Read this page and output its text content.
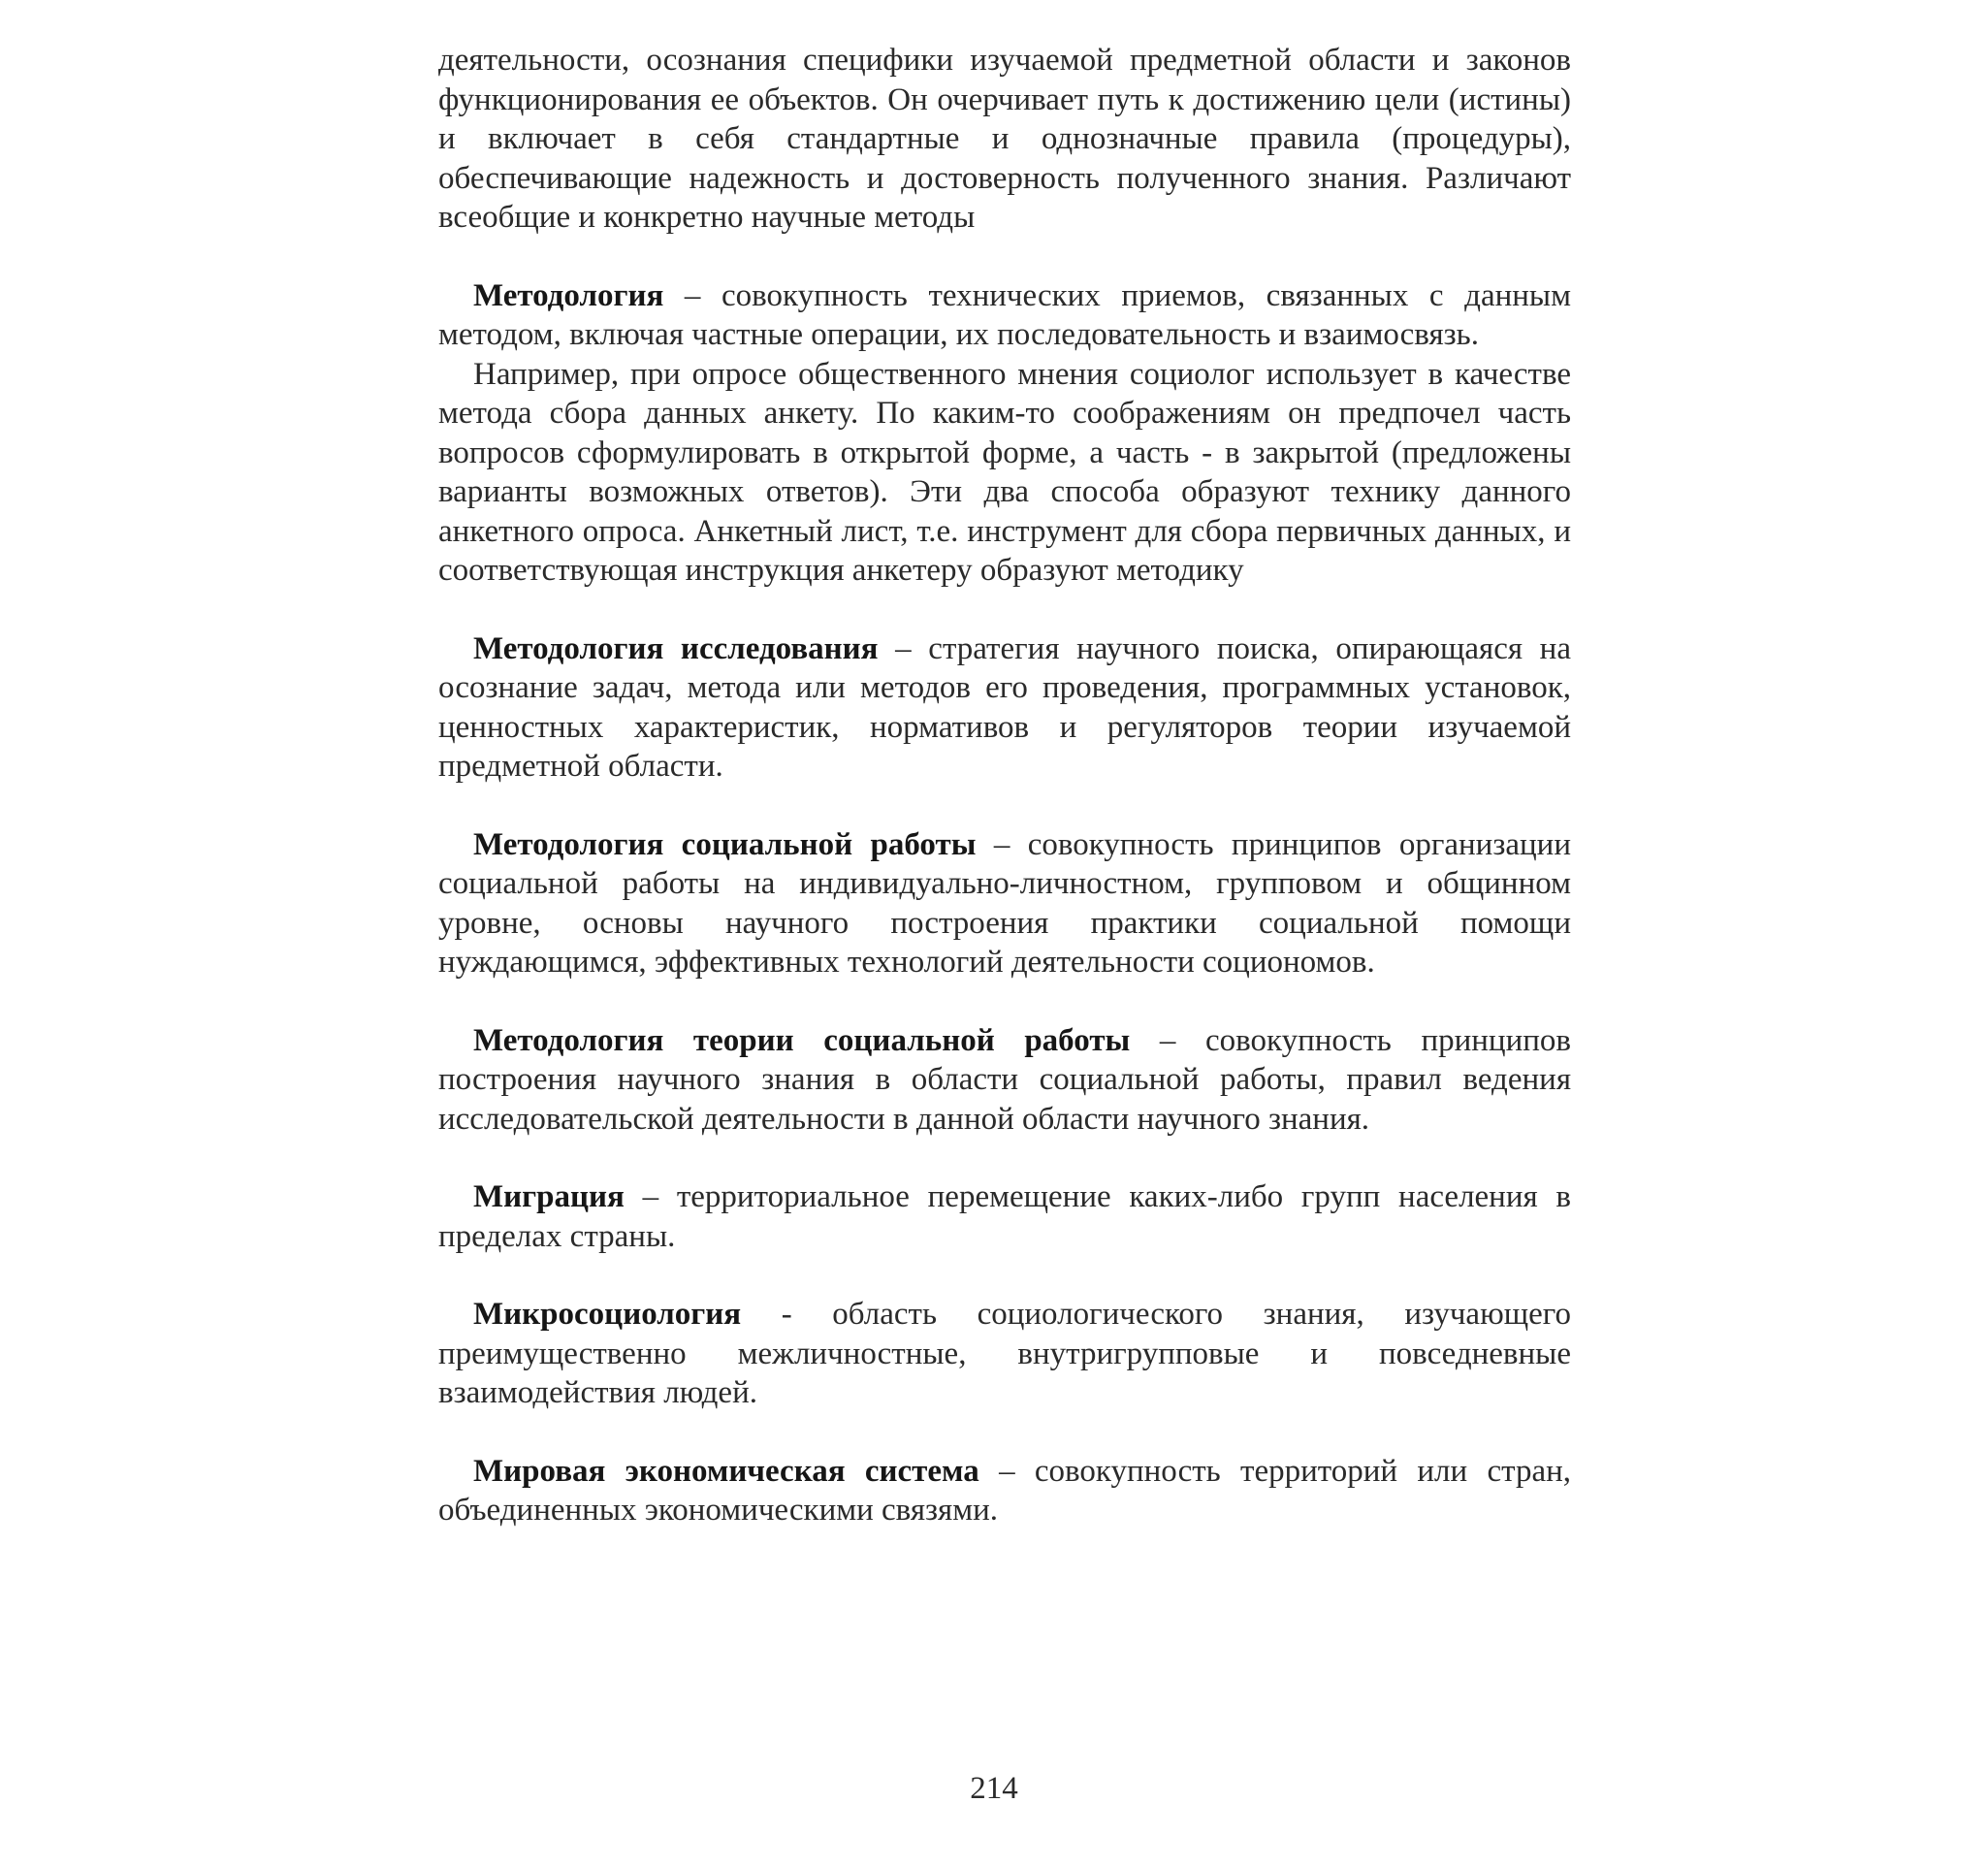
деятельности, осознания специфики изучаемой предметной области и законов функционирования ее объектов. Он очерчивает путь к достижению цели (истины) и включает в себя стандартные и однозначные правила (процедуры), обеспечивающие надежность и достоверность полученного знания. Различают всеобщие и конкретно научные методы

Методология – совокупность технических приемов, связанных с данным методом, включая частные операции, их последовательность и взаимосвязь.

Например, при опросе общественного мнения социолог использует в качестве метода сбора данных анкету. По каким-то соображениям он предпочел часть вопросов сформулировать в открытой форме, а часть - в закрытой (предложены варианты возможных ответов). Эти два способа образуют технику данного анкетного опроса. Анкетный лист, т.е. инструмент для сбора первичных данных, и соответствующая инструкция анкетеру образуют методику

Методология исследования – стратегия научного поиска, опирающаяся на осознание задач, метода или методов его проведения, программных установок, ценностных характеристик, нормативов и регуляторов теории изучаемой предметной области.

Методология социальной работы – совокупность принципов организации социальной работы на индивидуально-личностном, групповом и общинном уровне, основы научного построения практики социальной помощи нуждающимся, эффективных технологий деятельности социономов.

Методология теории социальной работы – совокупность принципов построения научного знания в области социальной работы, правил ведения исследовательской деятельности в данной области научного знания.

Миграция – территориальное перемещение каких-либо групп населения в пределах страны.

Микросоциология - область социологического знания, изучающего преимущественно межличностные, внутригрупповые и повседневные взаимодействия людей.

Мировая экономическая система – совокупность территорий или стран, объединенных экономическими связями.

214
